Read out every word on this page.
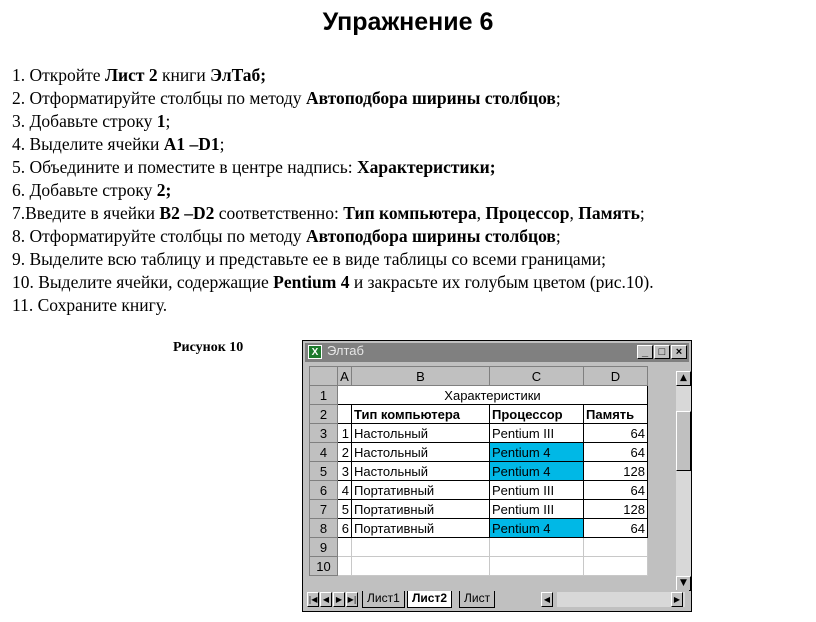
Упражнение 6
1. Откройте Лист 2 книги ЭлТаб;
2. Отформатируйте столбцы по методу Автоподбора ширины столбцов;
3. Добавьте строку 1;
4. Выделите ячейки A1 –D1;
5. Объедините и поместите в центре надпись: Характеристики;
6. Добавьте строку 2;
7.Введите в ячейки B2 –D2 соответственно: Тип компьютера, Процессор, Память;
8. Отформатируйте столбцы по методу Автоподбора ширины столбцов;
9. Выделите всю таблицу и представьте ее в виде таблицы со всеми границами;
10. Выделите ячейки, содержащие Pentium 4 и закрасьте их голубым цветом (рис.10).
11. Сохраните книгу.
Рисунок 10	X Элтаб	_ □ ×
	A	B	C	D
1	Характеристики			
2		Тип компьютера	Процессор	Память
3	1	Настольный	Pentium III	64
4	2	Настольный	Pentium 4	64
5	3	Настольный	Pentium 4	128
6	4	Портативный	Pentium III	64
7	5	Портативный	Pentium III	128
8	6	Портативный	Pentium 4	64
9				
10				
▲
▼
|◀ ◀ ▶ ▶| Лист1	Лист2	Лист	◀	▶
